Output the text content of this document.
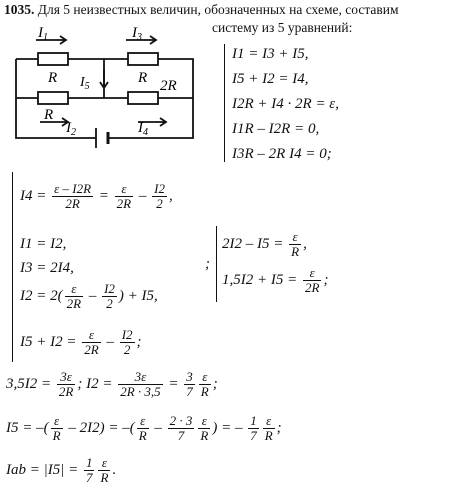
1035. Для 5 неизвестных величин, обозначенных на схеме, составим
систему из 5 уравнений:
$I_1$	$I_3$
R	R 2R
$I_5$
R
$I_2$	$I_4$
I1 = I3 + I5,
I5 + I2 = I4,
I2R + I4 · 2R = ε,
I1R – I2R = 0,
I3R – 2R I4 = 0;
$I4 = \frac{\varepsilon - I2R}{2R} = \frac{\varepsilon}{2R} - \frac{I2}{2}$ ,
I1 = I2,
I3 = 2I4,
$I2 = 2( \frac{\varepsilon}{2R} - \frac{I2}{2}$ ) + I5,
$I5 + I2 = \frac{\varepsilon}{2R} - \frac{I2}{2}$ ;
;
$2I2 - I5 = \frac{\varepsilon}{R}$ ,
$1,5I2 + I5 = \frac{\varepsilon}{2R}$ ;
$3,5I2 = \frac{3\varepsilon}{2R}$ ; $I2 = \frac{3\varepsilon}{2R \cdot 3,5} = \frac{3}{7} \frac{\varepsilon}{R}$ ;
I5 = –( $\frac{\varepsilon}{R} - 2I2$) = –( $\frac{\varepsilon}{R} - \frac{2 \cdot 3}{7} \frac{\varepsilon}{R}$ ) = – $\frac{1}{7} \frac{\varepsilon}{R}$ ;
Iab = $|I5| = \frac{1}{7} \frac{\varepsilon}{R}$ .
